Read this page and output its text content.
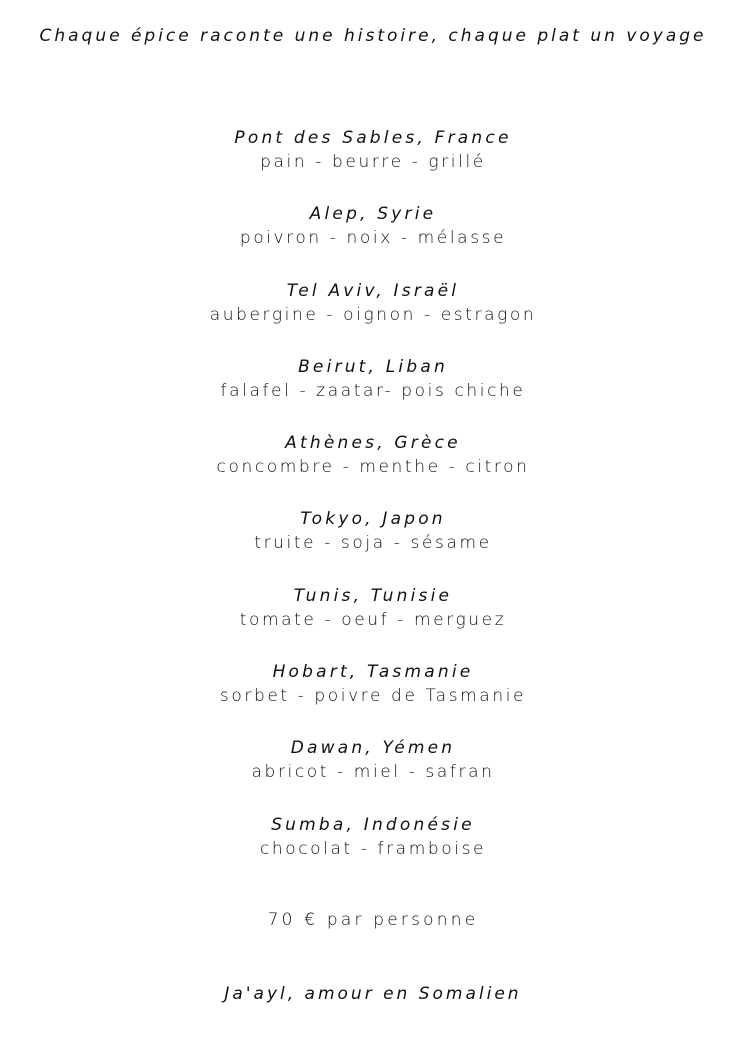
Chaque épice raconte une histoire, chaque plat un voyage
Pont des Sables, France
pain - beurre - grillé
Alep, Syrie
poivron - noix - mélasse
Tel Aviv, Israël
aubergine - oignon - estragon
Beirut, Liban
falafel - zaatar- pois chiche
Athènes, Grèce
concombre - menthe - citron
Tokyo, Japon
truite - soja - sésame
Tunis, Tunisie
tomate - oeuf - merguez
Hobart, Tasmanie
sorbet - poivre de Tasmanie
Dawan, Yémen
abricot - miel - safran
Sumba, Indonésie
chocolat - framboise
70 € par personne
Ja'ayl, amour en Somalien
